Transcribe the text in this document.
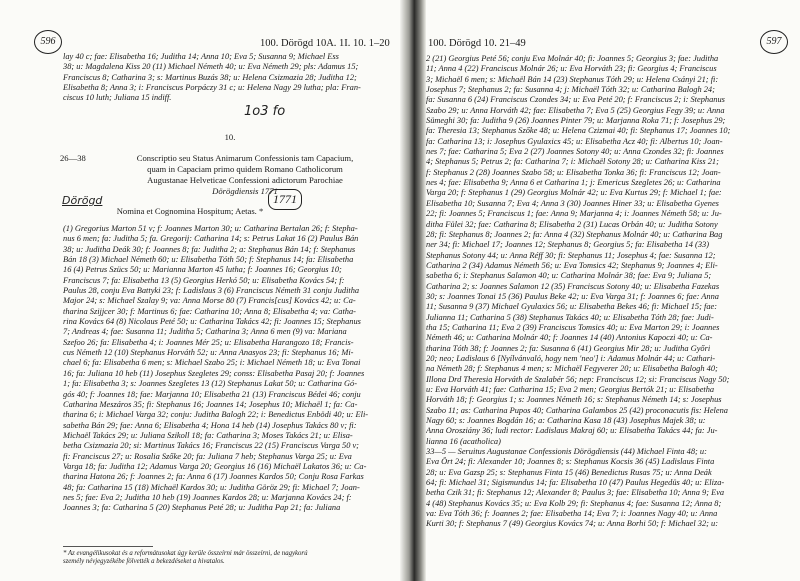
596	100. Dörögd 10A. 1I. 10. 1–20

lay 40 c; fae: Elisabetha 16; Juditha 14; Anna 10; Eva 5; Susanna 9; Michael Ess

38; u: Magdalena Kiss 20 (11) Michael Németh 40; u: Eva Németh 29; pls: Adamus 15;

Franciscus 8; Catharina 3; s: Martinus Buzás 38; u: Helena Csizmazia 28; Juditha 12;

Elisabetha 8; Anna 3; i: Franciscus Porpáczy 31 c; u: Helena Nagy 29 lutha; pla: Fran-

ciscus 10 luth; Juliana 15 indiff.

1o3 fo
10.
26—38	Conscriptio seu Status Animarum Confessionis tam Capacium,
quam in Capaciam primo quidem Romano Catholicorum
Augustanae Helveticae Confessioni adictorum Parochiae
Dörögdiensis 1771
Dörögd	1771
Nomina et Cognomina Hospitum; Aetas. *

(1) Gregorius Marton 51 v; f: Joannes Marton 30; u: Catharina Bertalan 26; f: Stepha-

nus 6 men; fa: Juditha 5; fa. Gregorij: Catharina 14; s: Petrus Lakat 16 (2) Paulus Bán

38; u: Juditha Deák 30; f: Joannes 8; fa: Juditha 2; a: Stephanus Bán 14; f: Stephanus

Bán 18 (3) Michael Németh 60; u: Elisabetha Tóth 50; f: Stephanus 14; fa: Elisabetha

16 (4) Petrus Szücs 50; u: Marianna Marton 45 lutha; f: Joannes 16; Georgius 10;

Franciscus 7; fa: Elisabetha 13 (5) Georgius Herkó 50; u: Elisabetha Kovács 54; f:

Paulus 28, conju Eva Battyki 23; f: Ladislaus 3 (6) Franciscus Németh 31 conju Juditha

Major 24; s: Michael Szalay 9; va: Anna Morse 80 (7) Francis[cus] Kovács 42; u: Ca-

tharina Szijjcer 30; f: Martinus 6; fae: Catharina 10; Anna 8; Elisabetha 4; va: Catha-

rina Kovács 64 (8) Nicolaus Peté 50; u: Catharina Takács 42; fi: Joannes 15; Stephanus

7; Andreas 4; fae: Susanna 11; Juditha 5; Catharina 3; Anna 6 men (9) va: Mariana

Szefoo 26; fa: Elisabetha 4; i: Joannes Mér 25; u: Elisabetha Harangozo 18; Francis-

cus Németh 12 (10) Stephanus Horváth 52; u: Anna Anasyos 23; fi: Stephanus 16; Mi-

chael 6; fa: Elisabetha 6 men; s: Michael Szabo 25; i: Michael Németh 18; u: Eva Tonai

16; fa: Juliana 10 heb (11) Josephus Szegletes 29; conss: Elisabetha Pasaj 20; f: Joannes

1; fa: Elisabetha 3; s: Joannes Szegletes 13 (12) Stephanus Lakat 50; u: Catharina Gó-

gós 40; f: Joannes 18; fae: Marjanna 10; Elisabetha 21 (13) Franciscus Bédei 46; conju

Catharina Meszáros 35; fi: Stephanus 16; Joannes 14; Josephus 10; Michaël 1; fa: Ca-

tharina 6; i: Michael Varga 32; conju: Juditha Balogh 22; i: Benedictus Enbödi 40; u: Eli-

sabetha Bán 29; fae: Anna 6; Elisabetha 4; Hona 14 heb (14) Josephus Takács 80 v; fi:

Michaël Takács 29; u: Juliana Szikoll 18; fa: Catharina 3; Moses Takács 21; u: Elisa-

betha Csizmazia 20; si: Martinus Takács 16; Franciscus 22 (15) Franciscus Varga 50 v;

fi: Franciscus 27; u: Rosalia Szőke 20; fa: Juliana 7 heb; Stephanus Varga 25; u: Eva

Varga 18; fa: Juditha 12; Adamus Varga 20; Georgius 16 (16) Michaël Lakatos 36; u: Ca-

tharina Hatona 26; f: Joannes 2; fa: Anna 6 (17) Joannes Kardos 50; Conju Rosa Farkas

48; fa: Catharina 15 (18) Michaël Kardos 30; u: Juditha Göröz 29; fi: Michael 7; Joan-

nes 5; fae: Eva 2; Juditha 10 heb (19) Joannes Kardos 28; u: Marjanna Kovács 24; f:

Joannes 3; fa: Catharina 5 (20) Stephanus Peté 28; u: Juditha Pap 21; fa: Juliana

* Az evangélikusokat és a reformátusokat úgy kerüle összeírni már összeírni, de nagykorú
személy névjegyzékébe fölvették a bekezdéseket a hivatalos.
100. Dörögd 10. 21–49	597

2 (21) Georgius Peté 56; conju Eva Molnár 40; fi: Joannes 5; Georgius 3; fae: Juditha

11; Anna 4 (22) Franciscus Molnár 26; u: Eva Horváth 23; fi: Georgius 4; Franciscus

3; Michaël 6 men; s: Michaël Bán 14 (23) Stephanus Tóth 29; u: Helena Csányi 21; fi:

Josephus 7; Stephanus 2; fa: Susanna 4; j: Michaël Tóth 32; u: Catharina Balogh 24;

fa: Susanna 6 (24) Franciscus Czondes 34; u: Eva Peté 20; f: Franciscus 2; i: Stephanus

Szabo 29; u: Anna Horváth 42; fae: Elisabetha 7; Eva 5 (25) Georgius Fegy 39; u: Anna

Sümeghi 30; fa: Juditha 9 (26) Joannes Pinter 79; u: Marjanna Roka 71; f: Josephus 29;

fa: Theresia 13; Stephanus Szőke 48; u: Helena Czizmai 40; fi: Stephanus 17; Joannes 10;

fa: Catharina 13; i: Josephus Gyulaxics 45; u: Elisabetha Acz 40; fi: Albertus 10; Joan-

nes 7; fae: Catharina 5; Eva 2 (27) Joannes Sotony 40; u: Anna Czondes 32; fi: Joannes

4; Stephanus 5; Petrus 2; fa: Catharina 7; i: Michaël Sotony 28; u: Catharina Kiss 21;

f: Stephanus 2 (28) Joannes Szabo 58; u: Elisabetha Tonka 36; fi: Franciscus 12; Joan-

nes 4; fae: Elisabetha 9; Anna 6 et Catharina 1; j: Emericus Szegletes 26; u: Catharina

Varga 20; f: Stephanus 1 (29) Georgius Molnár 42; u: Eva Kurtus 29; f: Michael 1; fae:

Elisabetha 10; Susanna 7; Eva 4; Anna 3 (30) Joannes Hiner 33; u: Elisabetha Gyenes

22; fi: Joannes 5; Franciscus 1; fae: Anna 9; Marjanna 4; i: Joannes Németh 58; u: Ju-

ditha Fülei 32; fae: Catharina 8; Elisabetha 2 (31) Lucas Orbán 40; u: Juditha Sotony

28; fi: Stephanus 8; Joannes 2; fa: Anna 4 (32) Stephanus Molnár 40; u: Catharina Bag

ner 34; fi: Michael 17; Joannes 12; Stephanus 8; Georgius 5; fa: Elisabetha 14 (33)

Stephanus Sotony 44; u: Anna Réff 30; fi: Stephanus 11; Josephus 4; fae: Susanna 12;

Catharina 2 (34) Adamus Németh 56; u: Eva Tomsics 42; Stephanus 9; Joannes 4; Eli-

sabetha 6; i: Stephanus Salamon 40; u: Catharina Molnár 38; fae: Eva 9; Juliana 5;

Catharina 2; s: Joannes Salamon 12 (35) Franciscus Sotony 40; u: Elisabetha Fazekas

30; s: Joannes Tonai 15 (36) Paulus Beke 42; u: Eva Varga 31; f: Joannes 6; fae: Anna

11; Susanna 9 (37) Michael Gyulaxics 56; u: Elisabetha Bekes 46; fi: Michael 15; fae:

Julianna 11; Catharina 5 (38) Stephanus Takács 40; u: Elisabetha Tóth 28; fae: Judi-

tha 15; Catharina 11; Eva 2 (39) Franciscus Tomsics 40; u: Eva Marton 29; i: Joannes

Németh 46; u: Catharina Molnár 40; f: Joannes 14 (40) Antonius Kapoczi 40; u: Ca-

tharina Tóth 38; f: Joannes 2; fa: Susanna 6 (41) Georgius Mir 28; u: Juditha Győri

20; neo; Ladislaus 6 [Nyílvánvaló, hogy nem 'neo'] i: Adamus Molnár 44; u: Cathari-

na Németh 28; f: Stephanus 4 men; s: Michaël Fegyverer 20; u: Elisabetha Balogh 40;

Illona Drd Theresia Horváth de Szalabér 56; nep: Franciscus 12; si: Franciscus Nagy 50;

u: Eva Horváth 41; fae: Catharina 15; Eva 2 men; Georgius Bertók 21; u: Elisabetha

Horváth 18; f: Georgius 1; s: Joannes Németh 16; s: Stephanus Németh 14; s: Josephus

Szabo 11; as: Catharina Pupos 40; Catharina Galambos 25 (42) proconacutis fis: Helena

Nagy 60; s: Joannes Bogdán 16; a: Catharina Kasa 18 (43) Josephus Majek 38; u:

Anna Orosziány 36; ludi rector: Ladislaus Makraj 60; u: Elisabetha Takács 44; fa: Ju-

lianna 16 (acatholica)

33—5 — Seruitus Augustanae Confessionis Dörögdiensis (44) Michael Finta 48; u:

Eva Ört 24; fi: Alexander 10; Joannes 8; s: Stephanus Kocsis 36 (45) Ladislaus Finta

28; u: Eva Gazsp 25; s: Stephanus Finta 15 (46) Benedictus Rusas 75; u: Anna Deák

64; fi: Michael 31; Sigismundus 14; fa: Elisabetha 10 (47) Paulus Hegedüs 40; u: Eliza-

betha Czik 31; fi: Stephanus 12; Alexander 8; Paulus 3; fae: Elisabetha 10; Anna 9; Eva

4 (48) Stephanus Kovács 35; u: Eva Kolb 29; fi: Stephanus 4; fae: Susanna 12; Anna 8;

va: Eva Tóth 36; f: Joannes 2; fae: Elisabetha 14; Eva 7; i: Joannes Nagy 40; u: Anna

Kurti 30; f: Stephanus 7 (49) Georgius Kovács 74; u: Anna Borhi 50; f: Michael 32; u:
